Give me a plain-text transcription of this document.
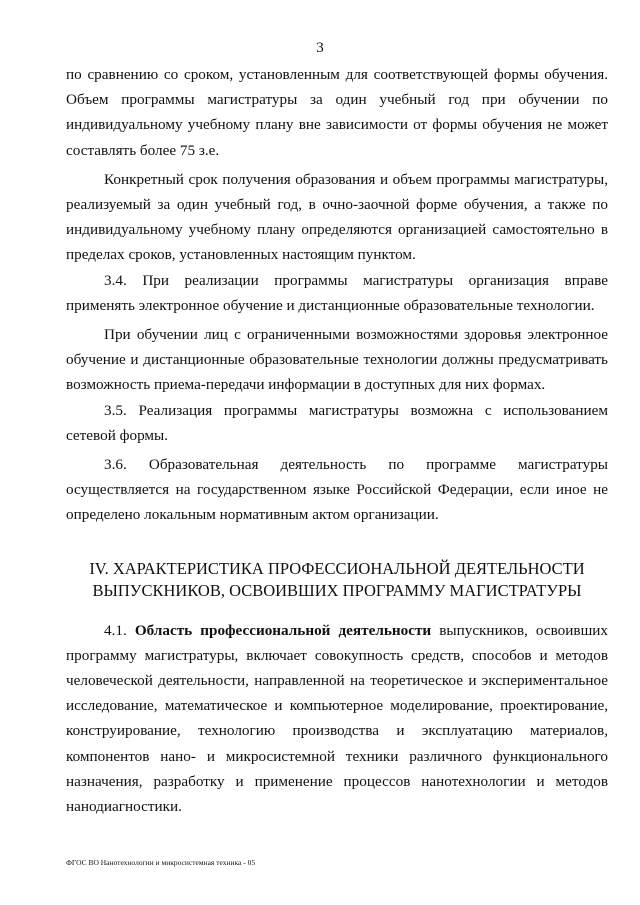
3

по сравнению со сроком, установленным для соответствующей формы обучения. Объем программы магистратуры за один учебный год при обучении по индивидуальному учебному плану вне зависимости от формы обучения не может составлять более 75 з.е.

Конкретный срок получения образования и объем программы магистратуры, реализуемый за один учебный год, в очно-заочной форме обучения, а также по индивидуальному учебному плану определяются организацией самостоятельно в пределах сроков, установленных настоящим пунктом.

3.4. При реализации программы магистратуры организация вправе применять электронное обучение и дистанционные образовательные технологии.

При обучении лиц с ограниченными возможностями здоровья электронное обучение и дистанционные образовательные технологии должны предусматривать возможность приема-передачи информации в доступных для них формах.

3.5. Реализация программы магистратуры возможна с использованием сетевой формы.

3.6. Образовательная деятельность по программе магистратуры осуществляется на государственном языке Российской Федерации, если иное не определено локальным нормативным актом организации.

IV. ХАРАКТЕРИСТИКА ПРОФЕССИОНАЛЬНОЙ ДЕЯТЕЛЬНОСТИ
ВЫПУСКНИКОВ, ОСВОИВШИХ ПРОГРАММУ МАГИСТРАТУРЫ

4.1. Область профессиональной деятельности выпускников, освоивших программу магистратуры, включает совокупность средств, способов и методов человеческой деятельности, направленной на теоретическое и экспериментальное исследование, математическое и компьютерное моделирование, проектирование, конструирование, технологию производства и эксплуатацию материалов, компонентов нано- и микросистемной техники различного функционального назначения, разработку и применение процессов нанотехнологии и методов нанодиагностики.

ФГОС ВО Нанотехнологии и микросистемная техника - 05
